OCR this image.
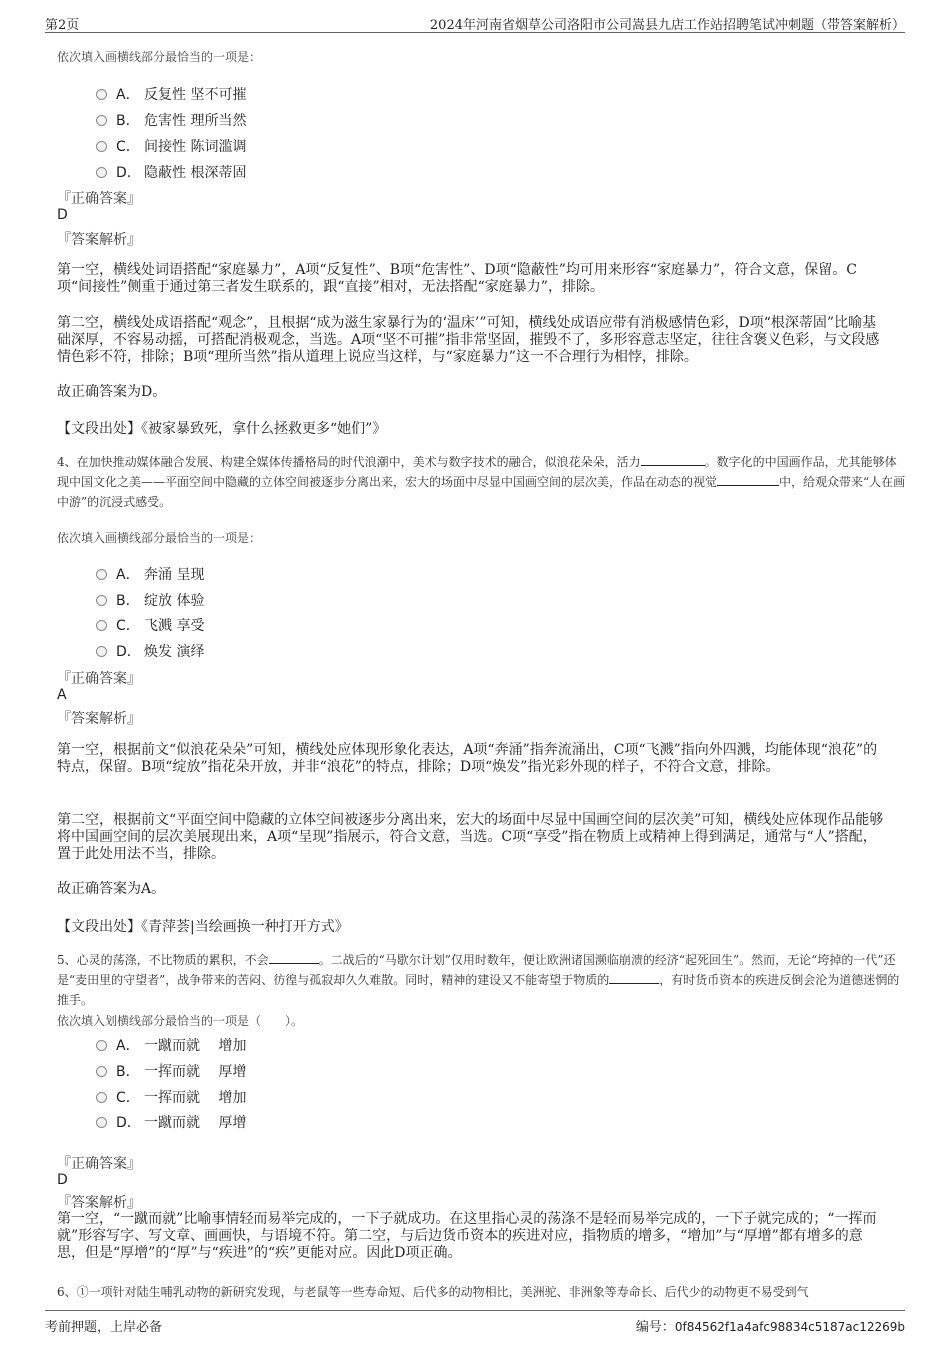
第2页	2024年河南省烟草公司洛阳市公司嵩县九店工作站招聘笔试冲刺题（带答案解析）
依次填入画横线部分最恰当的一项是：
A． 反复性 坚不可摧
B． 危害性 理所当然
C． 间接性 陈词滥调
D． 隐蔽性 根深蒂固
『正确答案』
D
『答案解析』
第一空，横线处词语搭配“家庭暴力”，A项“反复性”、B项“危害性”、D项“隐蔽性”均可用来形容“家庭暴力”，符合文意，保留。C项“间接性”侧重于通过第三者发生联系的，跟“直接”相对，无法搭配“家庭暴力”，排除。
第二空，横线处成语搭配“观念”，且根据“成为滋生家暴行为的‘温床’”可知，横线处成语应带有消极感情色彩，D项“根深蒂固”比喻基础深厚，不容易动摇，可搭配消极观念，当选。A项“坚不可摧”指非常坚固，摧毁不了，多形容意志坚定，往往含褒义色彩，与文段感情色彩不符，排除；B项“理所当然”指从道理上说应当这样，与“家庭暴力”这一不合理行为相悖，排除。
故正确答案为D。
【文段出处】《被家暴致死，拿什么拯救更多“她们”》
4、在加快推动媒体融合发展、构建全媒体传播格局的时代浪潮中，美术与数字技术的融合，似浪花朵朵，活力	。数字化的中国画作品，尤其能够体现中国文化之美——平面空间中隐藏的立体空间被逐步分离出来，宏大的场面中尽显中国画空间的层次美，作品在动态的视觉	中，给观众带来“人在画中游”的沉浸式感受。
依次填入画横线部分最恰当的一项是：
A． 奔涌 呈现
B． 绽放 体验
C． 飞溅 享受
D． 焕发 演绎
『正确答案』
A
『答案解析』
第一空，根据前文“似浪花朵朵”可知，横线处应体现形象化表达，A项“奔涌”指奔流涌出，C项“飞溅”指向外四溅，均能体现“浪花”的特点，保留。B项“绽放”指花朵开放，并非“浪花”的特点，排除；D项“焕发”指光彩外现的样子，不符合文意，排除。
第二空，根据前文“平面空间中隐藏的立体空间被逐步分离出来，宏大的场面中尽显中国画空间的层次美”可知，横线处应体现作品能够将中国画空间的层次美展现出来，A项“呈现”指展示，符合文意，当选。C项“享受”指在物质上或精神上得到满足，通常与“人”搭配，置于此处用法不当，排除。
故正确答案为A。
【文段出处】《青萍荟|当绘画换一种打开方式》
5、心灵的荡涤，不比物质的累积，不会	。二战后的“马歇尔计划”仅用时数年，便让欧洲诸国濒临崩溃的经济“起死回生”。然而，无论“垮掉的一代”还是“麦田里的守望者”，战争带来的苦闷、彷徨与孤寂却久久难散。同时，精神的建设又不能寄望于物质的	，有时货币资本的疾进反倒会沦为道德迷惘的推手。
依次填入划横线部分最恰当的一项是（　　）。
A． 一蹴而就　 增加
B． 一挥而就　 厚增
C． 一挥而就　 增加
D． 一蹴而就　 厚增
『正确答案』
D
『答案解析』
第一空，“一蹴而就”比喻事情轻而易举完成的，一下子就成功。在这里指心灵的荡涤不是轻而易举完成的，一下子就完成的；“一挥而就”形容写字、写文章、画画快，与语境不符。第二空，与后边货币资本的疾进对应，指物质的增多，“增加”与“厚增”都有增多的意思，但是“厚增”的“厚”与“疾进”的“疾”更能对应。因此D项正确。
6、①一项针对陆生哺乳动物的新研究发现，与老鼠等一些寿命短、后代多的动物相比，美洲驼、非洲象等寿命长、后代少的动物更不易受到气
考前押题，上岸必备	编号：0f84562f1a4afc98834c5187ac12269b
